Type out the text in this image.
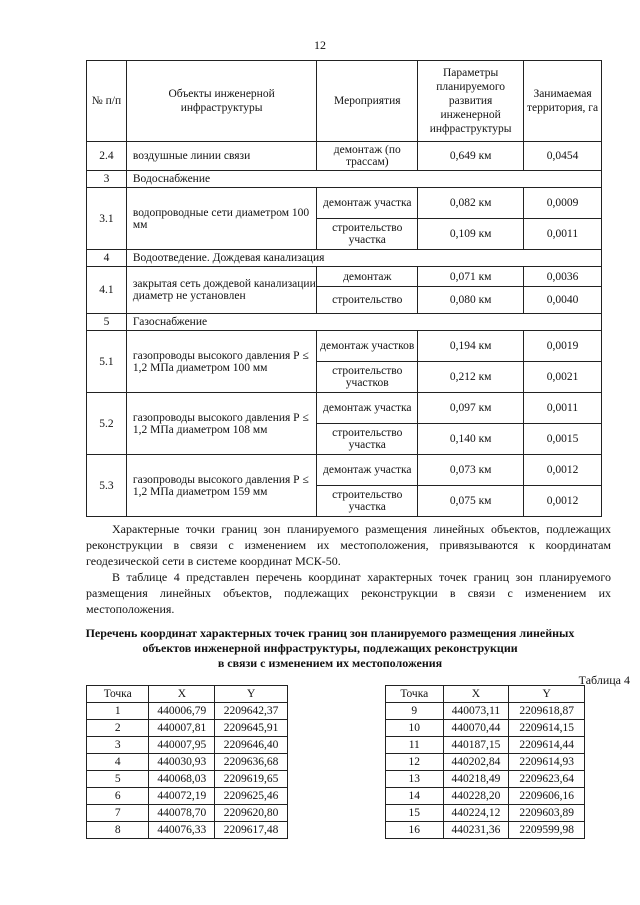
12
№ п/п	Объекты инженерной инфраструктуры	Мероприятия	Параметры планируемого развития инженерной инфраструктуры	Занимаемая территория, га
2.4	воздушные линии связи	демонтаж (по трассам)	0,649 км	0,0454
3	Водоснабжение			
3.1	водопроводные сети диаметром 100 мм	демонтаж участка	0,082 км	0,0009
		строительство участка	0,109 км	0,0011
4	Водоотведение. Дождевая канализация			
4.1	закрытая сеть дождевой канализации диаметр не установлен	демонтаж	0,071 км	0,0036
		строительство	0,080 км	0,0040
5	Газоснабжение			
5.1	газопроводы высокого давления Р ≤ 1,2 МПа диаметром 100 мм	демонтаж участков	0,194 км	0,0019
		строительство участков	0,212 км	0,0021
5.2	газопроводы высокого давления Р ≤ 1,2 МПа диаметром 108 мм	демонтаж участка	0,097 км	0,0011
		строительство участка	0,140 км	0,0015
5.3	газопроводы высокого давления Р ≤ 1,2 МПа диаметром 159 мм	демонтаж участка	0,073 км	0,0012
		строительство участка	0,075 км	0,0012

Характерные точки границ зон планируемого размещения линейных объектов, подлежащих реконструкции в связи с изменением их местоположения, привязываются к координатам геодезической сети в системе координат МСК-50.

В таблице 4 представлен перечень координат характерных точек границ зон планируемого размещения линейных объектов, подлежащих реконструкции в связи с изменением их местоположения.

Перечень координат характерных точек границ зон планируемого размещения линейных
объектов инженерной инфраструктуры, подлежащих реконструкции
в связи с изменением их местоположения
Таблица 4
Точка	X	Y
1	440006,79	2209642,37
2	440007,81	2209645,91
3	440007,95	2209646,40
4	440030,93	2209636,68
5	440068,03	2209619,65
6	440072,19	2209625,46
7	440078,70	2209620,80
8	440076,33	2209617,48
Точка	X	Y
9	440073,11	2209618,87
10	440070,44	2209614,15
11	440187,15	2209614,44
12	440202,84	2209614,93
13	440218,49	2209623,64
14	440228,20	2209606,16
15	440224,12	2209603,89
16	440231,36	2209599,98
